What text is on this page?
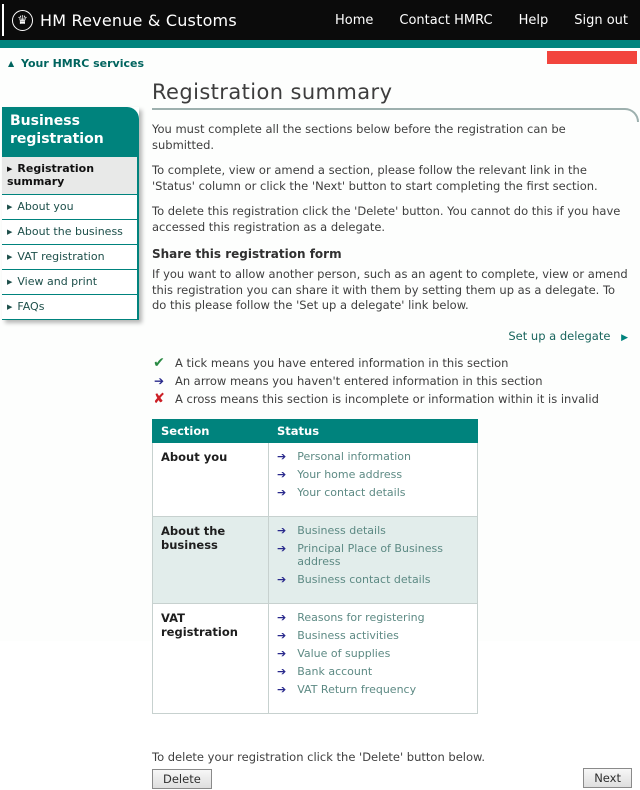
♛ HM Revenue & Customs	Home Contact HMRC Help Sign out
▲ Your HMRC services
Business registration
▶ Registration summary
▶ About you
▶ About the business
▶ VAT registration
▶ View and print
▶ FAQs
Registration summary

You must complete all the sections below before the registration can be submitted.

To complete, view or amend a section, please follow the relevant link in the 'Status' column or click the 'Next' button to start completing the first section.

To delete this registration click the 'Delete' button. You cannot do this if you have accessed this registration as a delegate.

Share this registration form

If you want to allow another person, such as an agent to complete, view or amend this registration you can share it with them by setting them up as a delegate. To do this please follow the 'Set up a delegate' link below.

Set up a delegate ▶
✔ A tick means you have entered information in this section
➔ An arrow means you haven't entered information in this section
✘ A cross means this section is incomplete or information within it is invalid
Section	Status
About you	➔ Personal information
➔ Your home address
➔ Your contact details

About the business	
➔ Business details
➔ Principal Place of Business address
➔ Business contact details

VAT registration	
➔ Reasons for registering
➔ Business activities
➔ Value of supplies
➔ Bank account
➔ VAT Return frequency

To delete your registration click the 'Delete' button below.

Delete	Next
